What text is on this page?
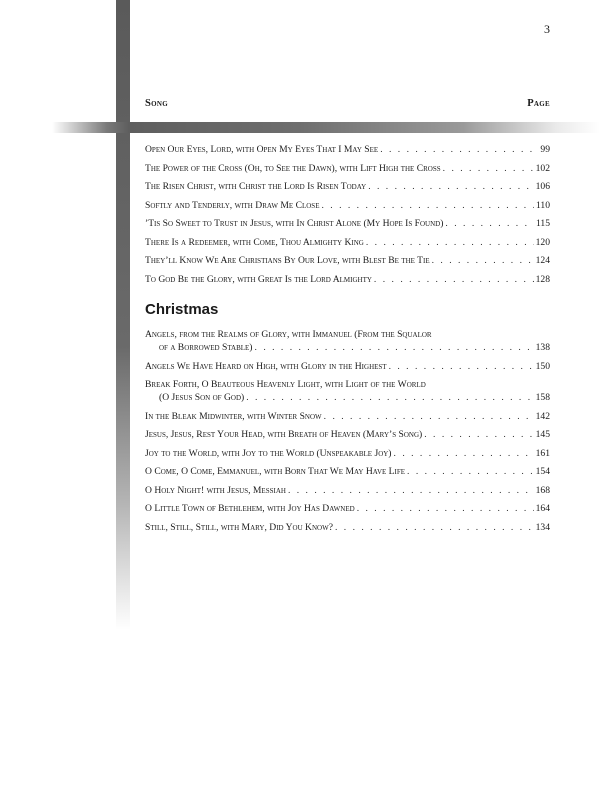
3
Song	Page
Open Our Eyes, Lord, with Open My Eyes That I May See . . .	99
The Power of the Cross (Oh, to See the Dawn), with Lift High the Cross . . .	102
The Risen Christ, with Christ the Lord Is Risen Today . . .	106
Softly and Tenderly, with Draw Me Close . . .	110
’Tis So Sweet to Trust in Jesus, with In Christ Alone (My Hope Is Found) . . .	115
There Is a Redeemer, with Come, Thou Almighty King . . .	120
They’ll Know We Are Christians By Our Love, with Blest Be the Tie . . .	124
To God Be the Glory, with Great Is the Lord Almighty . . .	128
Christmas
Angels, from the Realms of Glory, with Immanuel (From the Squalor
of a Borrowed Stable) . . .	138
Angels We Have Heard on High, with Glory in the Highest . . .	150
Break Forth, O Beauteous Heavenly Light, with Light of the World
(O Jesus Son of God) . . .	158
In the Bleak Midwinter, with Winter Snow . . .	142
Jesus, Jesus, Rest Your Head, with Breath of Heaven (Mary’s Song) . . .	145
Joy to the World, with Joy to the World (Unspeakable Joy) . . .	161
O Come, O Come, Emmanuel, with Born That We May Have Life . . .	154
O Holy Night! with Jesus, Messiah . . .	168
O Little Town of Bethlehem, with Joy Has Dawned . . .	164
Still, Still, Still, with Mary, Did You Know? . . .	134
